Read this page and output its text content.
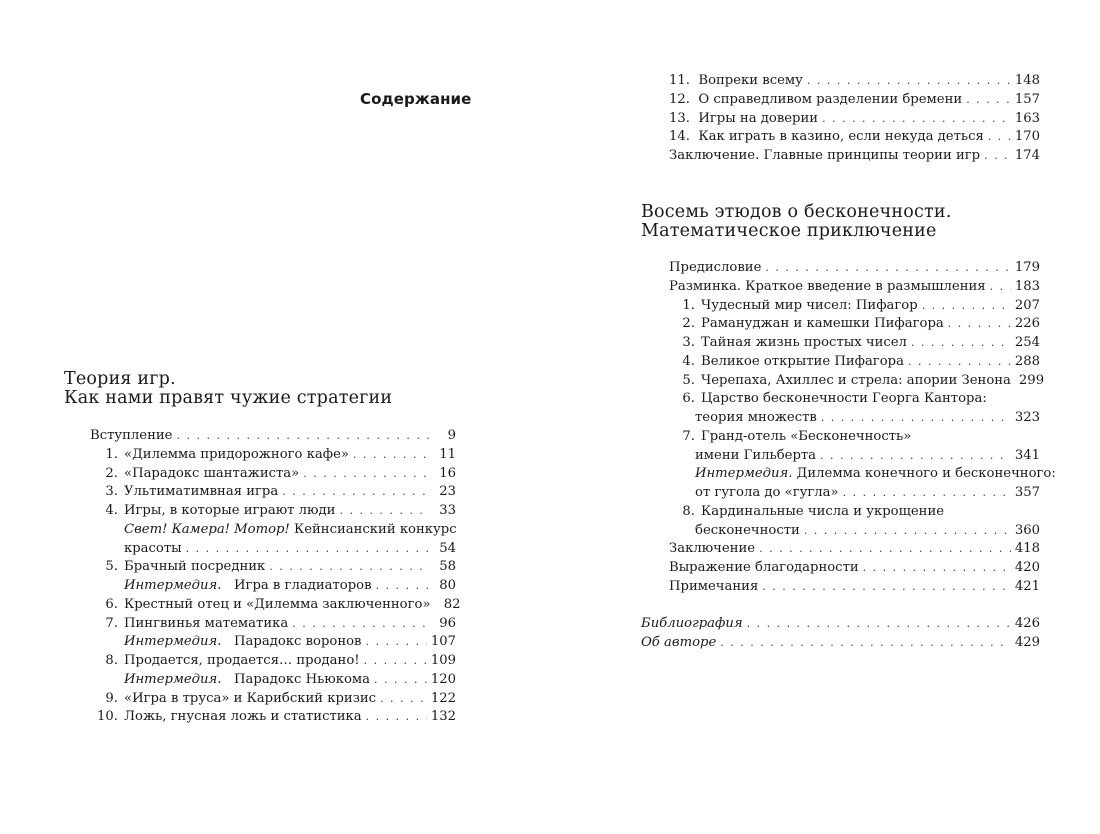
Содержание
Теория игр.
Как нами правят чужие стратегии
Вступление . . .	9
1. «Дилемма придорожного кафе» . . .	11
2. «Парадокс шантажиста» . . .	16
3. Ультиматимвная игра . . .	23
4. Игры, в которые играют люди . . .	33
Свет! Камера! Мотор! Кейнсианский конкурс
красоты . . .	54
5. Брачный посредник . . .	58
Интермедия. Игра в гладиаторов . . .	80
6. Крестный отец и «Дилемма заключенного»	82
7. Пингвинья математика . . .	96
Интермедия. Парадокс воронов . . .	107
8. Продается, продается… продано! . . .	109
Интермедия. Парадокс Ньюкома . . .	120
9. «Игра в труса» и Карибский кризис . . .	122
10. Ложь, гнусная ложь и статистика . . .	132
11. Вопреки всему . . .	148
12. О справедливом разделении бремени . . .	157
13. Игры на доверии . . .	163
14. Как играть в казино, если некуда деться . . . 170
Заключение. Главные принципы теории игр . . .	174
Восемь этюдов о бесконечности.
Математическое приключение
Предисловие . . .	179
Разминка. Краткое введение в размышления . . . 183
1. Чудесный мир чисел: Пифагор . . .	207
2. Рамануджан и камешки Пифагора . . .	226
3. Тайная жизнь простых чисел . . .	254
4. Великое открытие Пифагора . . .	288
5. Черепаха, Ахиллес и стрела: апории Зенона 299
6. Царство бесконечности Георга Кантора:
теория множеств . . .	323
7. Гранд-отель «Бесконечность»
имени Гильберта . . .	341
Интермедия. Дилемма конечного и бесконечного:
от гугола до «гугла» . . .	357
8. Кардинальные числа и укрощение
бесконечности . . .	360
Заключение . . .	418
Выражение благодарности . . .	420
Примечания . . .	421
Библиография . . .	426
Об авторе . . .	429
